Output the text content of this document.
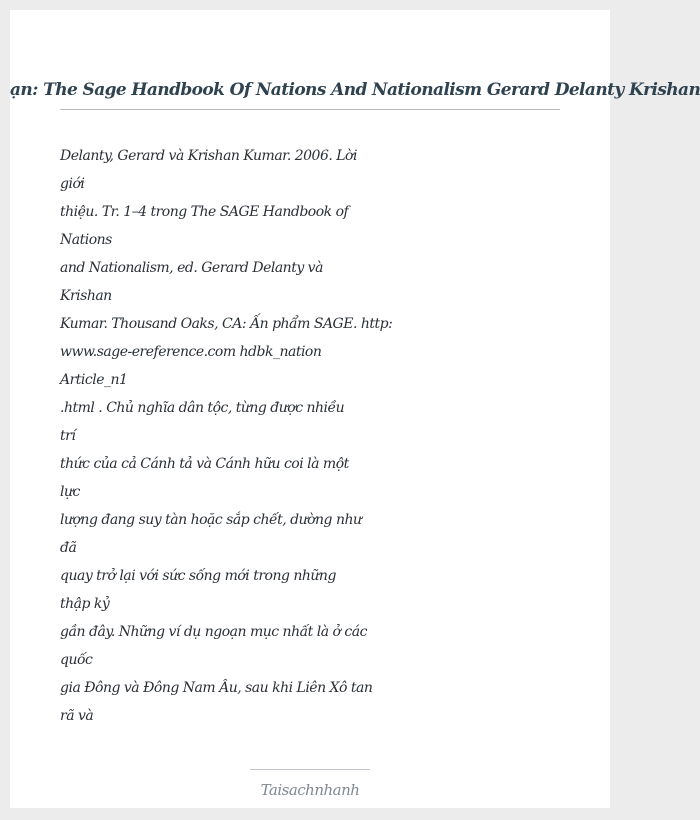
ạn: The Sage Handbook Of Nations And Nationalism Gerard Delanty Krishan
Delanty, Gerard và Krishan Kumar. 2006. Lời
giới
thiệu. Tr. 1–4 trong The SAGE Handbook of
Nations
and Nationalism, ed. Gerard Delanty và
Krishan
Kumar. Thousand Oaks, CA: Ấn phẩm SAGE. http:
www.sage-ereference.com hdbk_nation
Article_n1
.html . Chủ nghĩa dân tộc, từng được nhiều
trí
thức của cả Cánh tả và Cánh hữu coi là một
lực
lượng đang suy tàn hoặc sắp chết, dường như
đã
quay trở lại với sức sống mới trong những
thập kỷ
gần đây. Những ví dụ ngoạn mục nhất là ở các
quốc
gia Đông và Đông Nam Âu, sau khi Liên Xô tan
rã và
Taisachnhanh
